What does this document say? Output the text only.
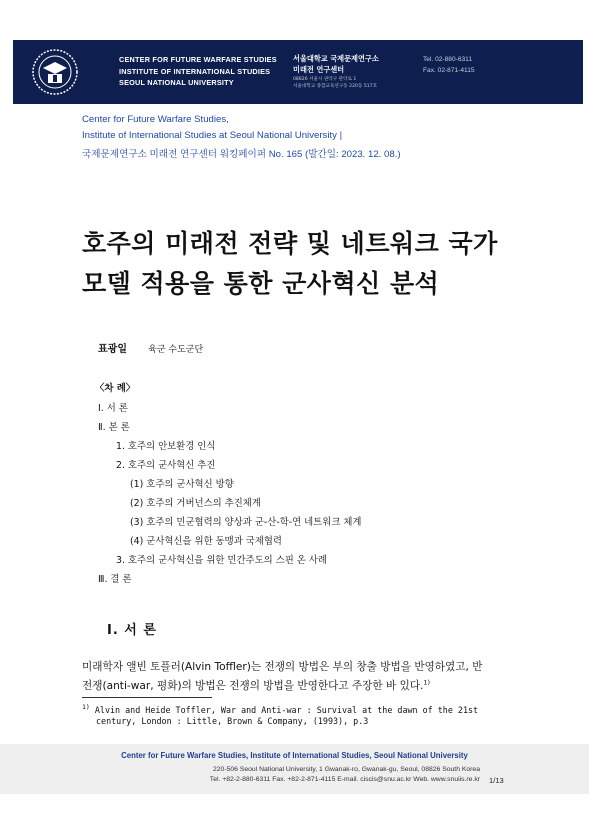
CENTER FOR FUTURE WARFARE STUDIES
INSTITUTE OF INTERNATIONAL STUDIES
SEOUL NATIONAL UNIVERSITY
서울대학교 국제문제연구소
미래전 연구센터
08826 서울시 관악구 관악로 1
서울대학교 종합교육연구동 220동 517호
Tel. 02-880-6311
Fax. 02-871-4115
Center for Future Warfare Studies,
Institute of International Studies at Seoul National University |
국제문제연구소 미래전 연구센터 워킹페이퍼 No. 165 (발간일: 2023. 12. 08.)
호주의 미래전 전략 및 네트워크 국가
모델 적용을 통한 군사혁신 분석
표광일 육군 수도군단
〈차 례〉
Ⅰ. 서 론
Ⅱ. 본 론
1. 호주의 안보환경 인식
2. 호주의 군사혁신 추진
(1) 호주의 군사혁신 방향
(2) 호주의 거버넌스의 추진체계
(3) 호주의 민군협력의 양상과 군-산-학-연 네트워크 체계
(4) 군사혁신을 위한 동맹과 국제협력
3. 호주의 군사혁신을 위한 민간주도의 스핀 온 사례
Ⅲ. 결 론
Ⅰ. 서 론
미래학자 앨빈 토플러(Alvin Toffler)는 전쟁의 방법은 부의 창출 방법을 반영하였고, 반
전쟁(anti-war, 평화)의 방법은 전쟁의 방법을 반영한다고 주장한 바 있다.$^{1)}$
$^{1)}$ Alvin and Heide Toffler, War and Anti-war : Survival at the dawn of the 21st
century, London : Little, Brown & Company, (1993), p.3
Center for Future Warfare Studies, Institute of International Studies, Seoul National University
220-506 Seoul National University, 1 Gwanak-ro, Gwanak-gu, Seoul, 08826 South Korea
Tel. +82-2-880-6311 Fax. +82-2-871-4115 E-mail. ciscis@snu.ac.kr Web. www.snuiis.re.kr 1/13
